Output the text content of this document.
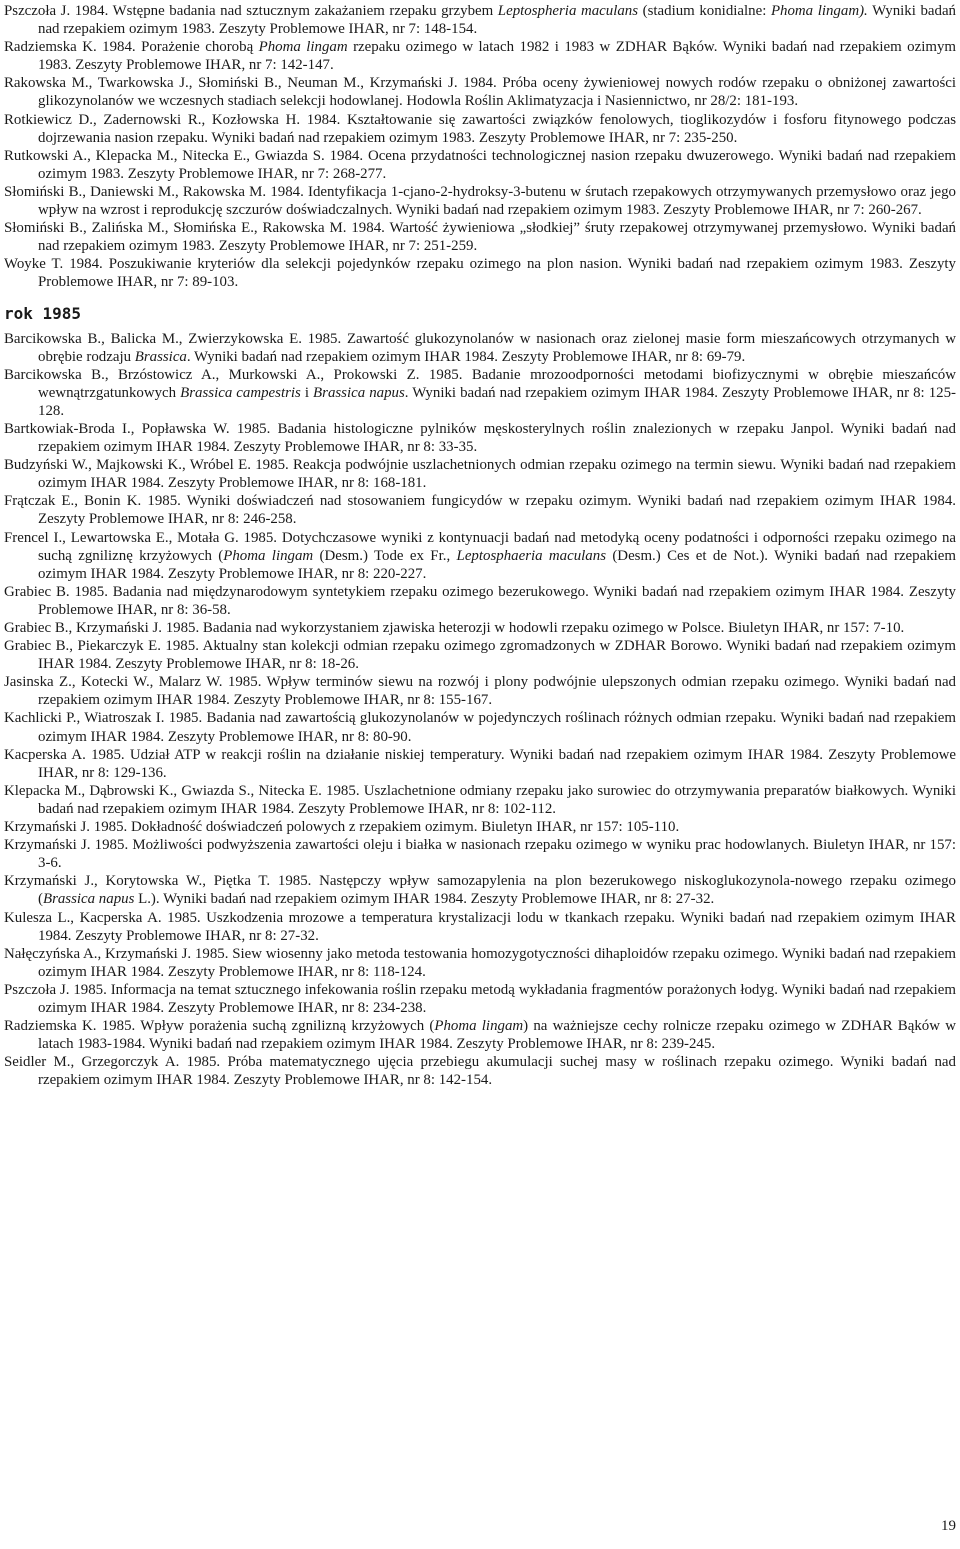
Pszczoła J. 1984. Wstępne badania nad sztucznym zakażaniem rzepaku grzybem Leptospheria maculans (stadium konidialne: Phoma lingam). Wyniki badań nad rzepakiem ozimym 1983. Zeszyty Problemowe IHAR, nr 7: 148-154.

Radziemska K. 1984. Porażenie chorobą Phoma lingam rzepaku ozimego w latach 1982 i 1983 w ZDHAR Bąków. Wyniki badań nad rzepakiem ozimym 1983. Zeszyty Problemowe IHAR, nr 7: 142-147.

Rakowska M., Twarkowska J., Słomiński B., Neuman M., Krzymański J. 1984. Próba oceny żywieniowej nowych rodów rzepaku o obniżonej zawartości glikozynolanów we wczesnych stadiach selekcji hodowlanej. Hodowla Roślin Aklimatyzacja i Nasiennictwo, nr 28/2: 181-193.

Rotkiewicz D., Zadernowski R., Kozłowska H. 1984. Kształtowanie się zawartości związków fenolowych, tioglikozydów i fosforu fitynowego podczas dojrzewania nasion rzepaku. Wyniki badań nad rzepakiem ozimym 1983. Zeszyty Problemowe IHAR, nr 7: 235-250.

Rutkowski A., Klepacka M., Nitecka E., Gwiazda S. 1984. Ocena przydatności technologicznej nasion rzepaku dwuzerowego. Wyniki badań nad rzepakiem ozimym 1983. Zeszyty Problemowe IHAR, nr 7: 268-277.

Słomiński B., Daniewski M., Rakowska M. 1984. Identyfikacja 1-cjano-2-hydroksy-3-butenu w śrutach rzepakowych otrzymywanych przemysłowo oraz jego wpływ na wzrost i reprodukcję szczurów doświadczalnych. Wyniki badań nad rzepakiem ozimym 1983. Zeszyty Problemowe IHAR, nr 7: 260-267.

Słomiński B., Zalińska M., Słomińska E., Rakowska M. 1984. Wartość żywieniowa „słodkiej” śruty rzepakowej otrzymywanej przemysłowo. Wyniki badań nad rzepakiem ozimym 1983. Zeszyty Problemowe IHAR, nr 7: 251-259.

Woyke T. 1984. Poszukiwanie kryteriów dla selekcji pojedynków rzepaku ozimego na plon nasion. Wyniki badań nad rzepakiem ozimym 1983. Zeszyty Problemowe IHAR, nr 7: 89-103.

rok 1985

Barcikowska B., Balicka M., Zwierzykowska E. 1985. Zawartość glukozynolanów w nasionach oraz zielonej masie form mieszańcowych otrzymanych w obrębie rodzaju Brassica. Wyniki badań nad rzepakiem ozimym IHAR 1984. Zeszyty Problemowe IHAR, nr 8: 69-79.

Barcikowska B., Brzóstowicz A., Murkowski A., Prokowski Z. 1985. Badanie mrozoodporności metodami biofizycznymi w obrębie mieszańców wewnątrzgatunkowych Brassica campestris i Brassica napus. Wyniki badań nad rzepakiem ozimym IHAR 1984. Zeszyty Problemowe IHAR, nr 8: 125-128.

Bartkowiak-Broda I., Popławska W. 1985. Badania histologiczne pylników męskosterylnych roślin znalezionych w rzepaku Janpol. Wyniki badań nad rzepakiem ozimym IHAR 1984. Zeszyty Problemowe IHAR, nr 8: 33-35.

Budzyński W., Majkowski K., Wróbel E. 1985. Reakcja podwójnie uszlachetnionych odmian rzepaku ozimego na termin siewu. Wyniki badań nad rzepakiem ozimym IHAR 1984. Zeszyty Problemowe IHAR, nr 8: 168-181.

Frątczak E., Bonin K. 1985. Wyniki doświadczeń nad stosowaniem fungicydów w rzepaku ozimym. Wyniki badań nad rzepakiem ozimym IHAR 1984. Zeszyty Problemowe IHAR, nr 8: 246-258.

Frencel I., Lewartowska E., Motała G. 1985. Dotychczasowe wyniki z kontynuacji badań nad metodyką oceny podatności i odporności rzepaku ozimego na suchą zgniliznę krzyżowych (Phoma lingam (Desm.) Tode ex Fr., Leptosphaeria maculans (Desm.) Ces et de Not.). Wyniki badań nad rzepakiem ozimym IHAR 1984. Zeszyty Problemowe IHAR, nr 8: 220-227.

Grabiec B. 1985. Badania nad międzynarodowym syntetykiem rzepaku ozimego bezerukowego. Wyniki badań nad rzepakiem ozimym IHAR 1984. Zeszyty Problemowe IHAR, nr 8: 36-58.

Grabiec B., Krzymański J. 1985. Badania nad wykorzystaniem zjawiska heterozji w hodowli rzepaku ozimego w Polsce. Biuletyn IHAR, nr 157: 7-10.

Grabiec B., Piekarczyk E. 1985. Aktualny stan kolekcji odmian rzepaku ozimego zgromadzonych w ZDHAR Borowo. Wyniki badań nad rzepakiem ozimym IHAR 1984. Zeszyty Problemowe IHAR, nr 8: 18-26.

Jasinska Z., Kotecki W., Malarz W. 1985. Wpływ terminów siewu na rozwój i plony podwójnie ulepszonych odmian rzepaku ozimego. Wyniki badań nad rzepakiem ozimym IHAR 1984. Zeszyty Problemowe IHAR, nr 8: 155-167.

Kachlicki P., Wiatroszak I. 1985. Badania nad zawartością glukozynolanów w pojedynczych roślinach różnych odmian rzepaku. Wyniki badań nad rzepakiem ozimym IHAR 1984. Zeszyty Problemowe IHAR, nr 8: 80-90.

Kacperska A. 1985. Udział ATP w reakcji roślin na działanie niskiej temperatury. Wyniki badań nad rzepakiem ozimym IHAR 1984. Zeszyty Problemowe IHAR, nr 8: 129-136.

Klepacka M., Dąbrowski K., Gwiazda S., Nitecka E. 1985. Uszlachetnione odmiany rzepaku jako surowiec do otrzymywania preparatów białkowych. Wyniki badań nad rzepakiem ozimym IHAR 1984. Zeszyty Problemowe IHAR, nr 8: 102-112.

Krzymański J. 1985. Dokładność doświadczeń polowych z rzepakiem ozimym. Biuletyn IHAR, nr 157: 105-110.

Krzymański J. 1985. Możliwości podwyższenia zawartości oleju i białka w nasionach rzepaku ozimego w wyniku prac hodowlanych. Biuletyn IHAR, nr 157: 3-6.

Krzymański J., Korytowska W., Piętka T. 1985. Następczy wpływ samozapylenia na plon bezerukowego niskoglukozynola-nowego rzepaku ozimego (Brassica napus L.). Wyniki badań nad rzepakiem ozimym IHAR 1984. Zeszyty Problemowe IHAR, nr 8: 27-32.

Kulesza L., Kacperska A. 1985. Uszkodzenia mrozowe a temperatura krystalizacji lodu w tkankach rzepaku. Wyniki badań nad rzepakiem ozimym IHAR 1984. Zeszyty Problemowe IHAR, nr 8: 27-32.

Nałęczyńska A., Krzymański J. 1985. Siew wiosenny jako metoda testowania homozygotyczności dihaploidów rzepaku ozimego. Wyniki badań nad rzepakiem ozimym IHAR 1984. Zeszyty Problemowe IHAR, nr 8: 118-124.

Pszczoła J. 1985. Informacja na temat sztucznego infekowania roślin rzepaku metodą wykładania fragmentów porażonych łodyg. Wyniki badań nad rzepakiem ozimym IHAR 1984. Zeszyty Problemowe IHAR, nr 8: 234-238.

Radziemska K. 1985. Wpływ porażenia suchą zgnilizną krzyżowych (Phoma lingam) na ważniejsze cechy rolnicze rzepaku ozimego w ZDHAR Bąków w latach 1983-1984. Wyniki badań nad rzepakiem ozimym IHAR 1984. Zeszyty Problemowe IHAR, nr 8: 239-245.

Seidler M., Grzegorczyk A. 1985. Próba matematycznego ujęcia przebiegu akumulacji suchej masy w roślinach rzepaku ozimego. Wyniki badań nad rzepakiem ozimym IHAR 1984. Zeszyty Problemowe IHAR, nr 8: 142-154.

19
